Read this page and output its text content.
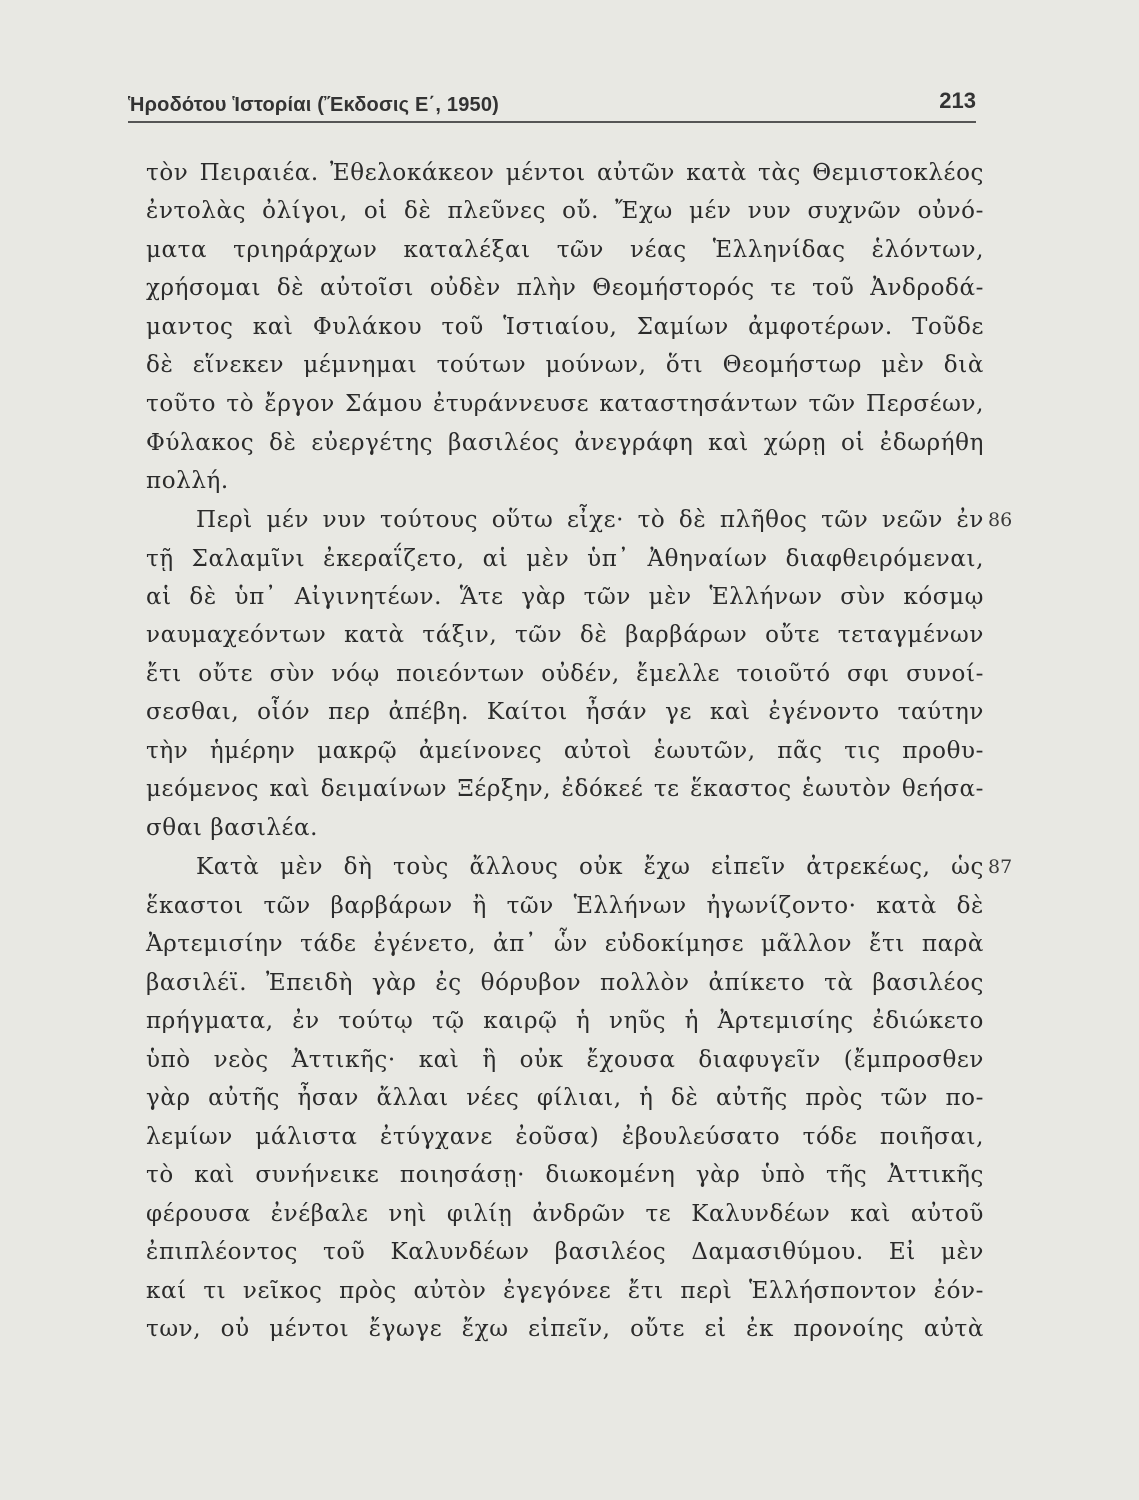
Ἡροδότου Ἱστορίαι (Ἔκδοσις Ε΄, 1950)	213
τὸν Πειραιέα. Ἐθελοκάκεον μέντοι αὐτῶν κατὰ τὰς Θεμιστοκλέος
ἐντολὰς ὀλίγοι, οἱ δὲ πλεῦνες οὔ. Ἔχω μέν νυν συχνῶν οὐνό-
ματα τριηράρχων καταλέξαι τῶν νέας Ἑλληνίδας ἑλόντων,
χρήσομαι δὲ αὐτοῖσι οὐδὲν πλὴν Θεομήστορός τε τοῦ Ἀνδροδά-
μαντος καὶ Φυλάκου τοῦ Ἱστιαίου, Σαμίων ἀμφοτέρων. Τοῦδε
δὲ εἵνεκεν μέμνημαι τούτων μούνων, ὅτι Θεομήστωρ μὲν διὰ
τοῦτο τὸ ἔργον Σάμου ἐτυράννευσε καταστησάντων τῶν Περσέων,
Φύλακος δὲ εὐεργέτης βασιλέος ἀνεγράφη καὶ χώρῃ οἱ ἐδωρήθη
πολλή.
Περὶ μέν νυν τούτους οὕτω εἶχε· τὸ δὲ πλῆθος τῶν νεῶν ἐν 86
τῇ Σαλαμῖνι ἐκεραΐζετο, αἱ μὲν ὑπ᾽ Ἀθηναίων διαφθειρόμεναι,
αἱ δὲ ὑπ᾽ Αἰγινητέων. Ἅτε γὰρ τῶν μὲν Ἑλλήνων σὺν κόσμῳ
ναυμαχεόντων κατὰ τάξιν, τῶν δὲ βαρβάρων οὔτε τεταγμένων
ἔτι οὔτε σὺν νόῳ ποιεόντων οὐδέν, ἔμελλε τοιοῦτό σφι συνοί-
σεσθαι, οἷόν περ ἀπέβη. Καίτοι ἦσάν γε καὶ ἐγένοντο ταύτην
τὴν ἡμέρην μακρῷ ἀμείνονες αὐτοὶ ἑωυτῶν, πᾶς τις προθυ-
μεόμενος καὶ δειμαίνων Ξέρξην, ἐδόκεέ τε ἕκαστος ἑωυτὸν θεήσα-
σθαι βασιλέα.
Κατὰ μὲν δὴ τοὺς ἄλλους οὐκ ἔχω εἰπεῖν ἀτρεκέως, ὡς 87
ἕκαστοι τῶν βαρβάρων ἢ τῶν Ἑλλήνων ἠγωνίζοντο· κατὰ δὲ
Ἀρτεμισίην τάδε ἐγένετο, ἀπ᾽ ὧν εὐδοκίμησε μᾶλλον ἔτι παρὰ
βασιλέϊ. Ἐπειδὴ γὰρ ἐς θόρυβον πολλὸν ἀπίκετο τὰ βασιλέος
πρήγματα, ἐν τούτῳ τῷ καιρῷ ἡ νηῦς ἡ Ἀρτεμισίης ἐδιώκετο
ὑπὸ νεὸς Ἀττικῆς· καὶ ἣ οὐκ ἔχουσα διαφυγεῖν (ἔμπροσθεν
γὰρ αὐτῆς ἦσαν ἄλλαι νέες φίλιαι, ἡ δὲ αὐτῆς πρὸς τῶν πο-
λεμίων μάλιστα ἐτύγχανε ἐοῦσα) ἐβουλεύσατο τόδε ποιῆσαι,
τὸ καὶ συνήνεικε ποιησάσῃ· διωκομένη γὰρ ὑπὸ τῆς Ἀττικῆς
φέρουσα ἐνέβαλε νηὶ φιλίῃ ἀνδρῶν τε Καλυνδέων καὶ αὐτοῦ
ἐπιπλέοντος τοῦ Καλυνδέων βασιλέος Δαμασιθύμου. Εἰ μὲν
καί τι νεῖκος πρὸς αὐτὸν ἐγεγόνεε ἔτι περὶ Ἑλλήσποντον ἐόν-
των, οὐ μέντοι ἔγωγε ἔχω εἰπεῖν, οὔτε εἰ ἐκ προνοίης αὐτὰ
